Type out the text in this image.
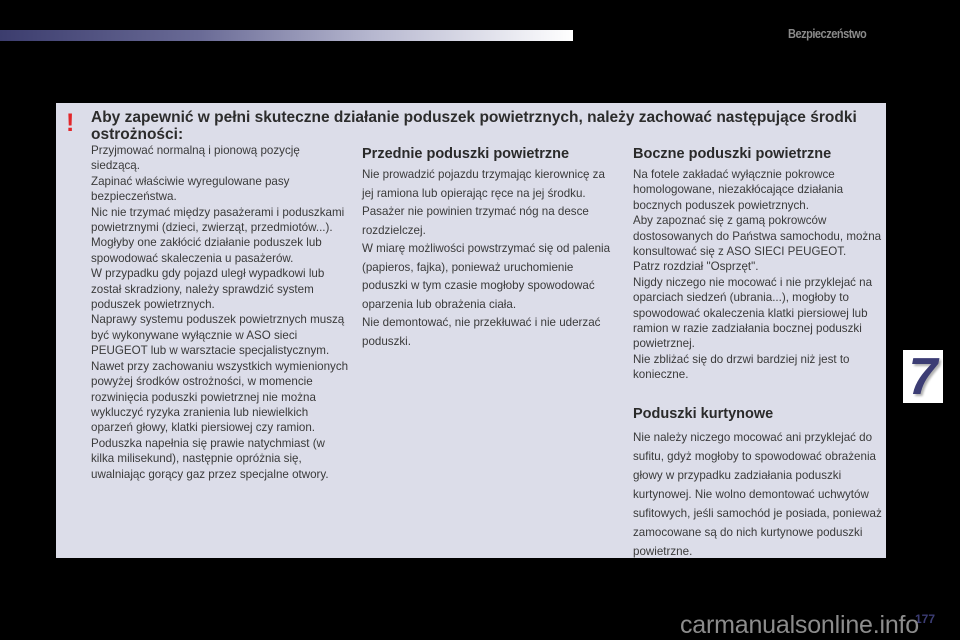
Bezpieczeństwo
! Aby zapewnić w pełni skuteczne działanie poduszek powietrznych, należy zachować następujące środki ostrożności:

Przyjmować normalną i pionową pozycję siedzącą.

Zapinać właściwie wyregulowane pasy bezpieczeństwa.

Nic nie trzymać między pasażerami i poduszkami powietrznymi (dzieci, zwierząt, przedmiotów...). Mogłyby one zakłócić działanie poduszek lub spowodować skaleczenia u pasażerów.

W przypadku gdy pojazd uległ wypadkowi lub został skradziony, należy sprawdzić system poduszek powietrznych.

Naprawy systemu poduszek powietrznych muszą być wykonywane wyłącznie w ASO sieci PEUGEOT lub w warsztacie specjalistycznym.

Nawet przy zachowaniu wszystkich wymienionych powyżej środków ostrożności, w momencie rozwinięcia poduszki powietrznej nie można wykluczyć ryzyka zranienia lub niewielkich oparzeń głowy, klatki piersiowej czy ramion. Poduszka napełnia się prawie natychmiast (w kilka milisekund), następnie opróżnia się, uwalniając gorący gaz przez specjalne otwory.

Przednie poduszki powietrzne

Nie prowadzić pojazdu trzymając kierownicę za jej ramiona lub opierając ręce na jej środku.

Pasażer nie powinien trzymać nóg na desce rozdzielczej.

W miarę możliwości powstrzymać się od palenia (papieros, fajka), ponieważ uruchomienie poduszki w tym czasie mogłoby spowodować oparzenia lub obrażenia ciała.

Nie demontować, nie przekłuwać i nie uderzać poduszki.

Boczne poduszki powietrzne

Na fotele zakładać wyłącznie pokrowce homologowane, niezakłócające działania bocznych poduszek powietrznych.

Aby zapoznać się z gamą pokrowców dostosowanych do Państwa samochodu, można konsultować się z ASO SIECI PEUGEOT.

Patrz rozdział "Osprzęt".

Nigdy niczego nie mocować i nie przyklejać na oparciach siedzeń (ubrania...), mogłoby to spowodować okaleczenia klatki piersiowej lub ramion w razie zadziałania bocznej poduszki powietrznej.

Nie zbliżać się do drzwi bardziej niż jest to konieczne.

Poduszki kurtynowe

Nie należy niczego mocować ani przyklejać do sufitu, gdyż mogłoby to spowodować obrażenia głowy w przypadku zadziałania poduszki kurtynowej. Nie wolno demontować uchwytów sufitowych, jeśli samochód je posiada, ponieważ zamocowane są do nich kurtynowe poduszki powietrzne.

7
177
carmanualsonline.info
